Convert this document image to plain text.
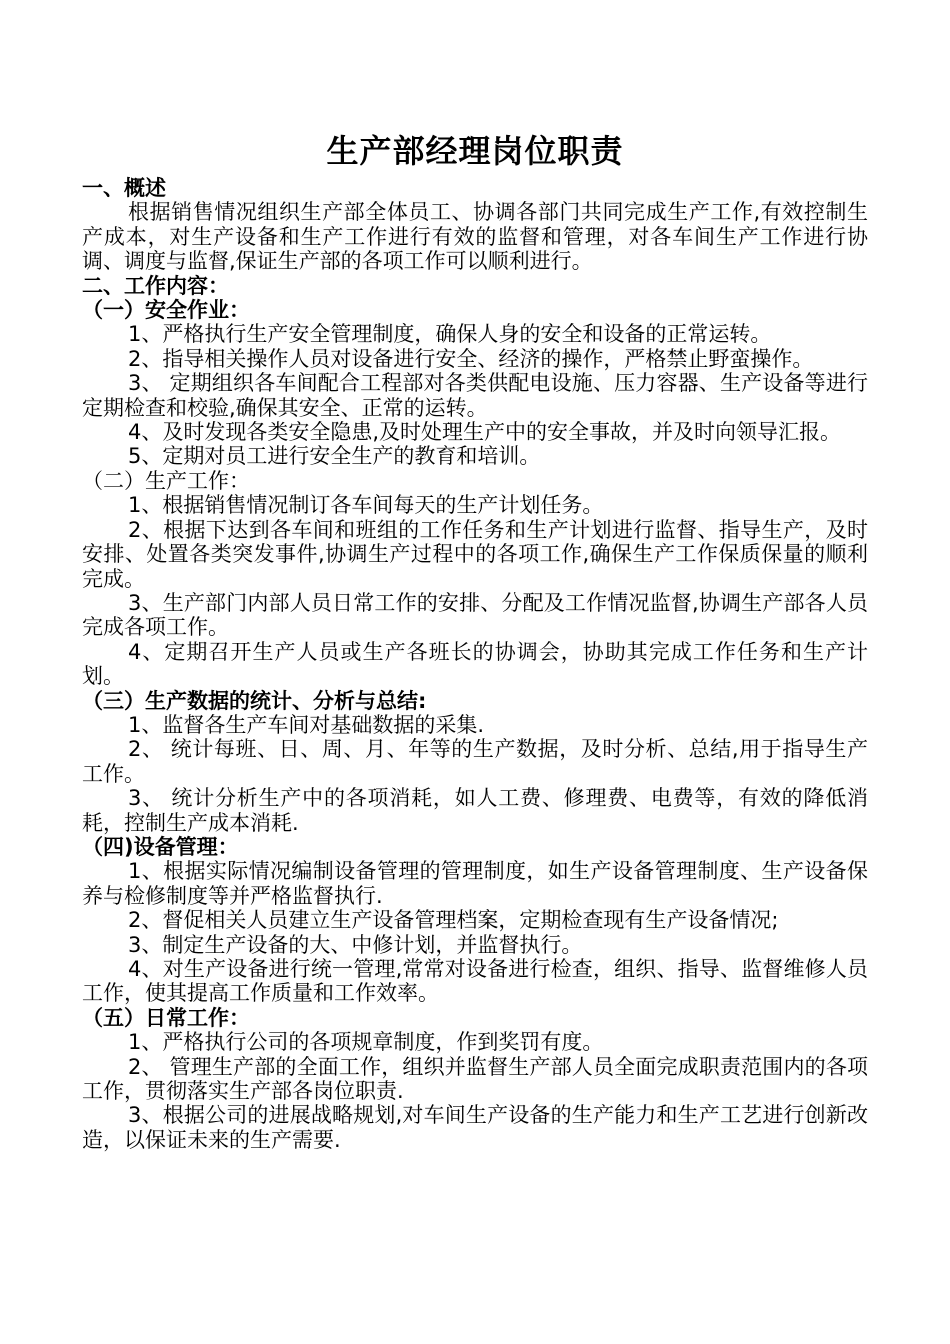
生产部经理岗位职责
一、概述
根据销售情况组织生产部全体员工、协调各部门共同完成生产工作,有效控制生产成本，对生产设备和生产工作进行有效的监督和管理，对各车间生产工作进行协调、调度与监督,保证生产部的各项工作可以顺利进行。
二、工作内容：
（一）安全作业：
1、严格执行生产安全管理制度，确保人身的安全和设备的正常运转。
2、指导相关操作人员对设备进行安全、经济的操作，严格禁止野蛮操作。
3、 定期组织各车间配合工程部对各类供配电设施、压力容器、生产设备等进行定期检查和校验,确保其安全、正常的运转。
4、及时发现各类安全隐患,及时处理生产中的安全事故，并及时向领导汇报。
5、定期对员工进行安全生产的教育和培训。
（二）生产工作：
1、根据销售情况制订各车间每天的生产计划任务。
2、根据下达到各车间和班组的工作任务和生产计划进行监督、指导生产，及时安排、处置各类突发事件,协调生产过程中的各项工作,确保生产工作保质保量的顺利完成。
3、生产部门内部人员日常工作的安排、分配及工作情况监督,协调生产部各人员完成各项工作。
4、定期召开生产人员或生产各班长的协调会，协助其完成工作任务和生产计划。
（三）生产数据的统计、分析与总结:
1、监督各生产车间对基础数据的采集.
2、 统计每班、日、周、月、年等的生产数据，及时分析、总结,用于指导生产工作。
3、 统计分析生产中的各项消耗，如人工费、修理费、电费等，有效的降低消耗，控制生产成本消耗.
（四)设备管理：
1、根据实际情况编制设备管理的管理制度，如生产设备管理制度、生产设备保养与检修制度等并严格监督执行.
2、督促相关人员建立生产设备管理档案，定期检查现有生产设备情况;
3、制定生产设备的大、中修计划，并监督执行。
4、对生产设备进行统一管理,常常对设备进行检查，组织、指导、监督维修人员工作，使其提高工作质量和工作效率。
（五）日常工作：
1、严格执行公司的各项规章制度，作到奖罚有度。
2、 管理生产部的全面工作，组织并监督生产部人员全面完成职责范围内的各项工作，贯彻落实生产部各岗位职责.
3、根据公司的进展战略规划,对车间生产设备的生产能力和生产工艺进行创新改造，以保证未来的生产需要.
